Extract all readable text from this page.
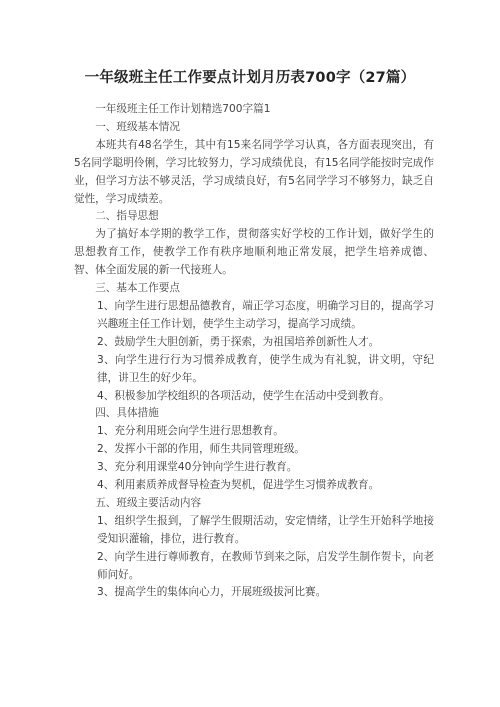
一年级班主任工作要点计划月历表700字（27篇）

一年级班主任工作计划精选700字篇1

一、班级基本情况

本班共有48名学生，其中有15来名同学学习认真，各方面表现突出，有5名同学聪明伶俐，学习比较努力，学习成绩优良，有15名同学能按时完成作业，但学习方法不够灵活，学习成绩良好，有5名同学学习不够努力，缺乏自觉性，学习成绩差。

二、指导思想

为了搞好本学期的教学工作，贯彻落实好学校的工作计划，做好学生的思想教育工作，使教学工作有秩序地顺利地正常发展，把学生培养成德、智、体全面发展的新一代接班人。

三、基本工作要点

1、向学生进行思想品德教育，端正学习态度，明确学习目的，提高学习兴趣班主任工作计划，使学生主动学习，提高学习成绩。

2、鼓励学生大胆创新，勇于探索，为祖国培养创新性人才。

3、向学生进行行为习惯养成教育，使学生成为有礼貌，讲文明，守纪律，讲卫生的好少年。

4、积极参加学校组织的各项活动，使学生在活动中受到教育。

四、具体措施

1、充分利用班会向学生进行思想教育。

2、发挥小干部的作用，师生共同管理班级。

3、充分利用课堂40分钟向学生进行教育。

4、利用素质养成督导检查为契机，促进学生习惯养成教育。

五、班级主要活动内容

1、组织学生报到，了解学生假期活动，安定情绪，让学生开始科学地接受知识灌输，排位，进行教育。

2、向学生进行尊师教育，在教师节到来之际，启发学生制作贺卡，向老师问好。

3、提高学生的集体向心力，开展班级拔河比赛。
